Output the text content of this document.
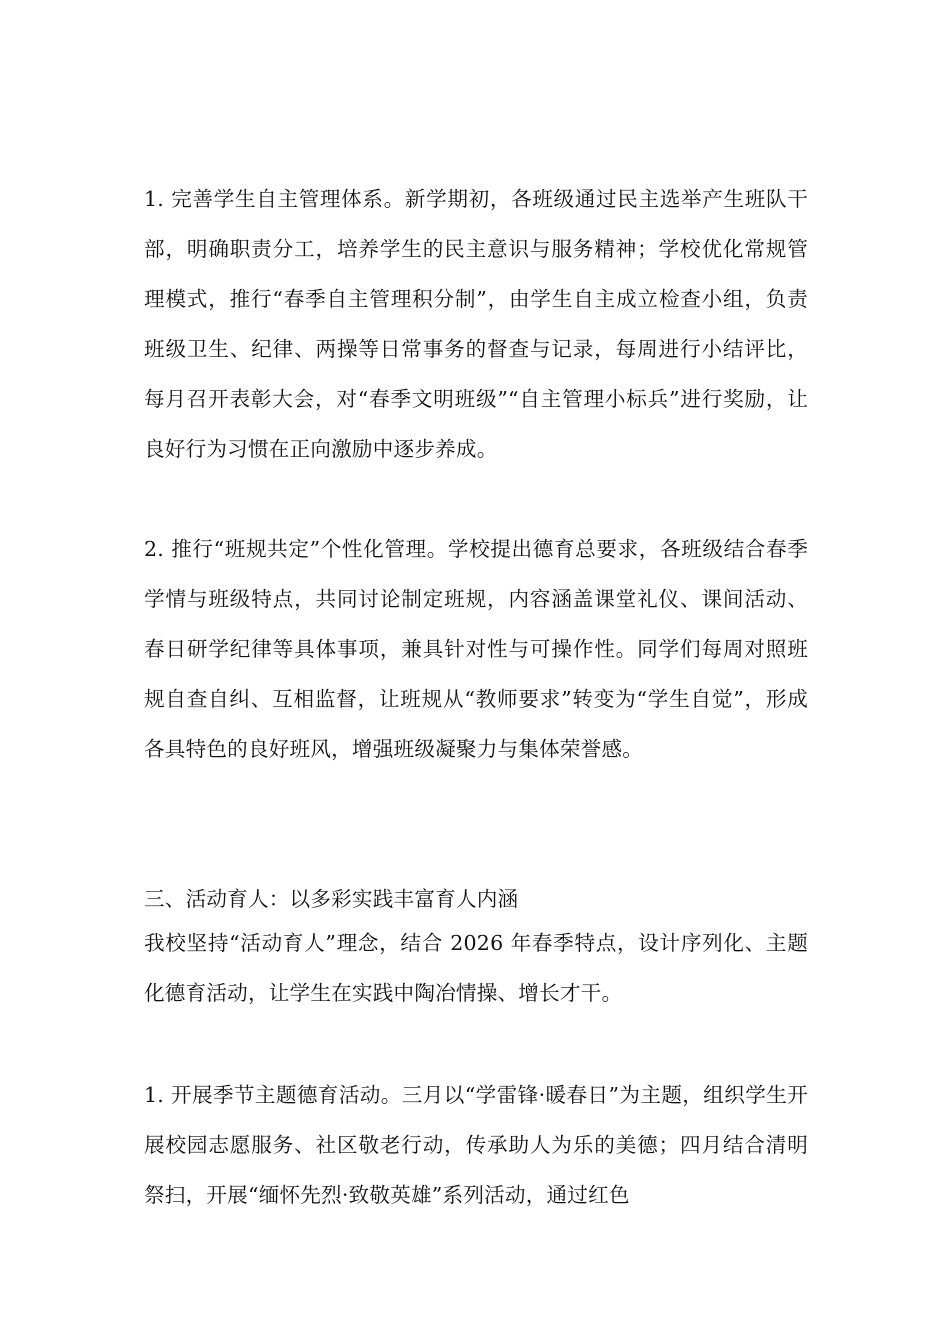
1. 完善学生自主管理体系。新学期初，各班级通过民主选举产生班队干部，明确职责分工，培养学生的民主意识与服务精神；学校优化常规管理模式，推行“春季自主管理积分制”，由学生自主成立检查小组，负责班级卫生、纪律、两操等日常事务的督查与记录，每周进行小结评比，每月召开表彰大会，对“春季文明班级”“自主管理小标兵”进行奖励，让良好行为习惯在正向激励中逐步养成。

2. 推行“班规共定”个性化管理。学校提出德育总要求，各班级结合春季学情与班级特点，共同讨论制定班规，内容涵盖课堂礼仪、课间活动、春日研学纪律等具体事项，兼具针对性与可操作性。同学们每周对照班规自查自纠、互相监督，让班规从“教师要求”转变为“学生自觉”，形成各具特色的良好班风，增强班级凝聚力与集体荣誉感。

三、活动育人：以多彩实践丰富育人内涵

我校坚持“活动育人”理念，结合 2026 年春季特点，设计序列化、主题化德育活动，让学生在实践中陶冶情操、增长才干。

1. 开展季节主题德育活动。三月以“学雷锋·暖春日”为主题，组织学生开展校园志愿服务、社区敬老行动，传承助人为乐的美德；四月结合清明祭扫，开展“缅怀先烈·致敬英雄”系列活动，通过红色
